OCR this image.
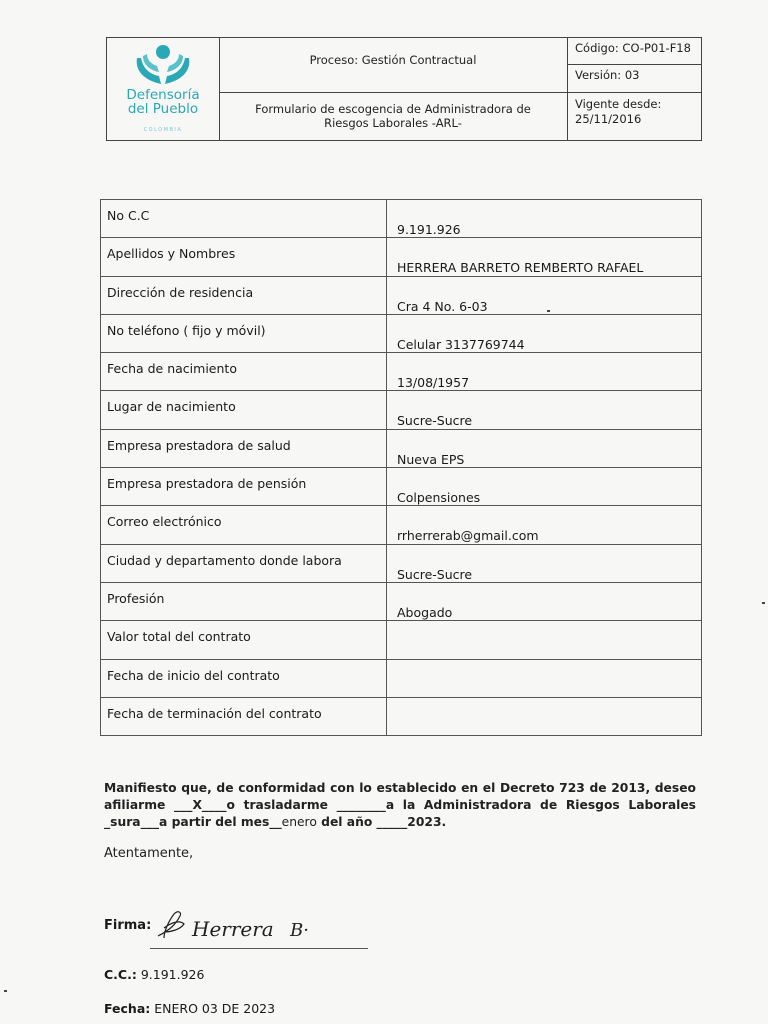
Defensoría
del Pueblo
COLOMBIA
Proceso: Gestión Contractual
Formulario de escogencia de Administradora de
Riesgos Laborales -ARL-
Código: CO-P01-F18
Versión: 03
Vigente desde:
25/11/2016
No C.C	9.191.926
Apellidos y Nombres	HERRERA BARRETO REMBERTO RAFAEL
Dirección de residencia	Cra 4 No. 6-03
No teléfono ( fijo y móvil)	Celular 3137769744
Fecha de nacimiento	13/08/1957
Lugar de nacimiento	Sucre-Sucre
Empresa prestadora de salud	Nueva EPS
Empresa prestadora de pensión	Colpensiones
Correo electrónico	rrherrerab@gmail.com
Ciudad y departamento donde labora	Sucre-Sucre
Profesión	Abogado
Valor total del contrato	
Fecha de inicio del contrato	
Fecha de terminación del contrato	
Manifiesto que, de conformidad con lo establecido en el Decreto 723 de 2013, deseo
afiliarme ___X____o trasladarme ________a la Administradora de Riesgos Laborales
_sura___a partir del mes__enero del año _____2023.
Atentamente,
Firma: Herrera B·
C.C.: 9.191.926
Fecha: ENERO 03 DE 2023
